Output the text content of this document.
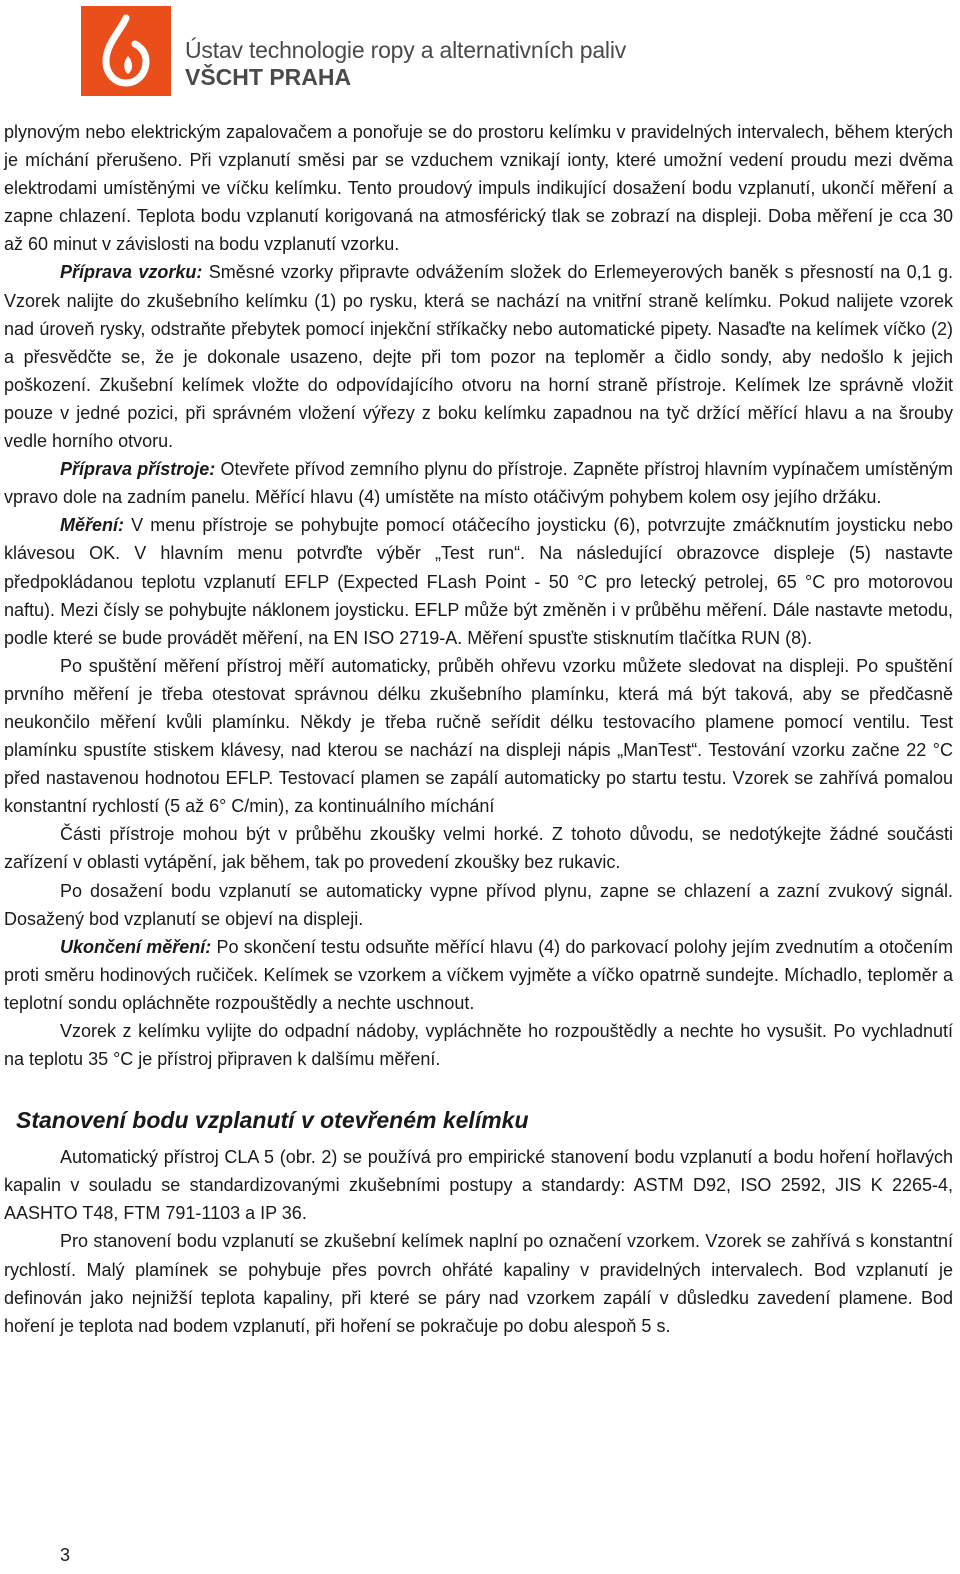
Ústav technologie ropy a alternativních paliv
VŠCHT PRAHA

plynovým nebo elektrickým zapalovačem a ponořuje se do prostoru kelímku v pravidelných intervalech, během kterých je míchání přerušeno. Při vzplanutí směsi par se vzduchem vznikají ionty, které umožní vedení proudu mezi dvěma elektrodami umístěnými ve víčku kelímku. Tento proudový impuls indikující dosažení bodu vzplanutí, ukončí měření a zapne chlazení. Teplota bodu vzplanutí korigovaná na atmosférický tlak se zobrazí na displeji. Doba měření je cca 30 až 60 minut v závislosti na bodu vzplanutí vzorku.

Příprava vzorku: Směsné vzorky připravte odvážením složek do Erlemeyerových baněk s přesností na 0,1 g. Vzorek nalijte do zkušebního kelímku (1) po rysku, která se nachází na vnitřní straně kelímku. Pokud nalijete vzorek nad úroveň rysky, odstraňte přebytek pomocí injekční stříkačky nebo automatické pipety. Nasaďte na kelímek víčko (2) a přesvědčte se, že je dokonale usazeno, dejte při tom pozor na teploměr a čidlo sondy, aby nedošlo k jejich poškození. Zkušební kelímek vložte do odpovídajícího otvoru na horní straně přístroje. Kelímek lze správně vložit pouze v jedné pozici, při správném vložení výřezy z boku kelímku zapadnou na tyč držící měřící hlavu a na šrouby vedle horního otvoru.

Příprava přístroje: Otevřete přívod zemního plynu do přístroje. Zapněte přístroj hlavním vypínačem umístěným vpravo dole na zadním panelu. Měřící hlavu (4) umístěte na místo otáčivým pohybem kolem osy jejího držáku.

Měření: V menu přístroje se pohybujte pomocí otáčecího joysticku (6), potvrzujte zmáčknutím joysticku nebo klávesou OK. V hlavním menu potvrďte výběr „Test run“. Na následující obrazovce displeje (5) nastavte předpokládanou teplotu vzplanutí EFLP (Expected FLash Point - 50 °C pro letecký petrolej, 65 °C pro motorovou naftu). Mezi čísly se pohybujte náklonem joysticku. EFLP může být změněn i v průběhu měření. Dále nastavte metodu, podle které se bude provádět měření, na EN ISO 2719-A. Měření spusťte stisknutím tlačítka RUN (8).

Po spuštění měření přístroj měří automaticky, průběh ohřevu vzorku můžete sledovat na displeji. Po spuštění prvního měření je třeba otestovat správnou délku zkušebního plamínku, která má být taková, aby se předčasně neukončilo měření kvůli plamínku. Někdy je třeba ručně seřídit délku testovacího plamene pomocí ventilu. Test plamínku spustíte stiskem klávesy, nad kterou se nachází na displeji nápis „ManTest“. Testování vzorku začne 22 °C před nastavenou hodnotou EFLP. Testovací plamen se zapálí automaticky po startu testu. Vzorek se zahřívá pomalou konstantní rychlostí (5 až 6° C/min), za kontinuálního míchání

Části přístroje mohou být v průběhu zkoušky velmi horké. Z tohoto důvodu, se nedotýkejte žádné součásti zařízení v oblasti vytápění, jak během, tak po provedení zkoušky bez rukavic.

Po dosažení bodu vzplanutí se automaticky vypne přívod plynu, zapne se chlazení a zazní zvukový signál. Dosažený bod vzplanutí se objeví na displeji.

Ukončení měření: Po skončení testu odsuňte měřící hlavu (4) do parkovací polohy jejím zvednutím a otočením proti směru hodinových ručiček. Kelímek se vzorkem a víčkem vyjměte a víčko opatrně sundejte. Míchadlo, teploměr a teplotní sondu opláchněte rozpouštědly a nechte uschnout.

Vzorek z kelímku vylijte do odpadní nádoby, vypláchněte ho rozpouštědly a nechte ho vysušit. Po vychladnutí na teplotu 35 °C je přístroj připraven k dalšímu měření.

Stanovení bodu vzplanutí v otevřeném kelímku

Automatický přístroj CLA 5 (obr. 2) se používá pro empirické stanovení bodu vzplanutí a bodu hoření hořlavých kapalin v souladu se standardizovanými zkušebními postupy a standardy: ASTM D92, ISO 2592, JIS K 2265-4, AASHTO T48, FTM 791-1103 a IP 36.

Pro stanovení bodu vzplanutí se zkušební kelímek naplní po označení vzorkem. Vzorek se zahřívá s konstantní rychlostí. Malý plamínek se pohybuje přes povrch ohřáté kapaliny v pravidelných intervalech. Bod vzplanutí je definován jako nejnižší teplota kapaliny, při které se páry nad vzorkem zapálí v důsledku zavedení plamene. Bod hoření je teplota nad bodem vzplanutí, při hoření se pokračuje po dobu alespoň 5 s.

3
